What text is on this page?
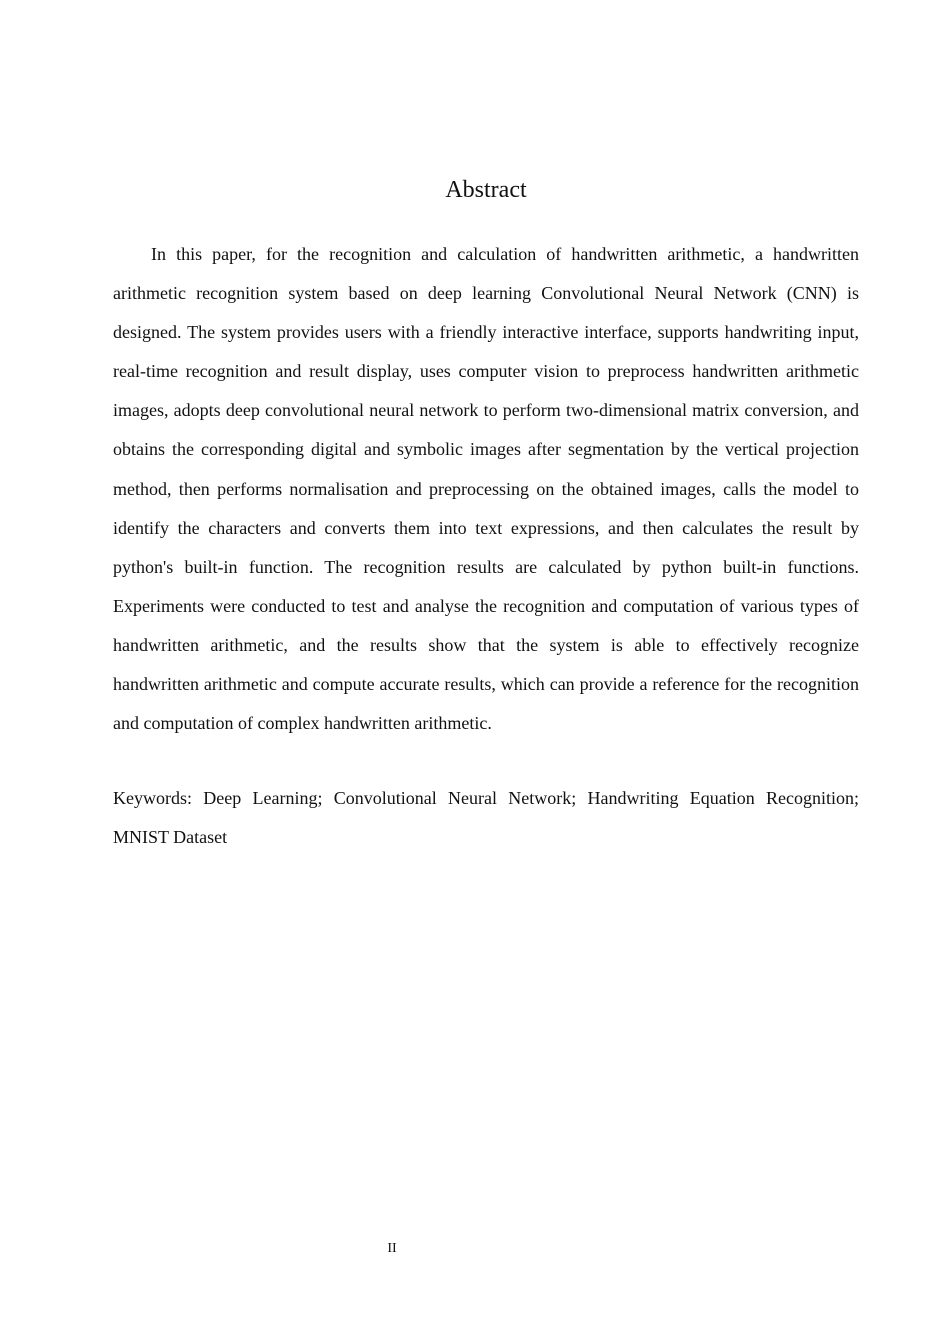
Abstract

In this paper, for the recognition and calculation of handwritten arithmetic, a handwritten arithmetic recognition system based on deep learning Convolutional Neural Network (CNN) is designed. The system provides users with a friendly interactive interface, supports handwriting input, real-time recognition and result display, uses computer vision to preprocess handwritten arithmetic images, adopts deep convolutional neural network to perform two-dimensional matrix conversion, and obtains the corresponding digital and symbolic images after segmentation by the vertical projection method, then performs normalisation and preprocessing on the obtained images, calls the model to identify the characters and converts them into text expressions, and then calculates the result by python's built-in function. The recognition results are calculated by python built-in functions. Experiments were conducted to test and analyse the recognition and computation of various types of handwritten arithmetic, and the results show that the system is able to effectively recognize handwritten arithmetic and compute accurate results, which can provide a reference for the recognition and computation of complex handwritten arithmetic.

Keywords: Deep Learning; Convolutional Neural Network; Handwriting Equation Recognition; MNIST Dataset

II
